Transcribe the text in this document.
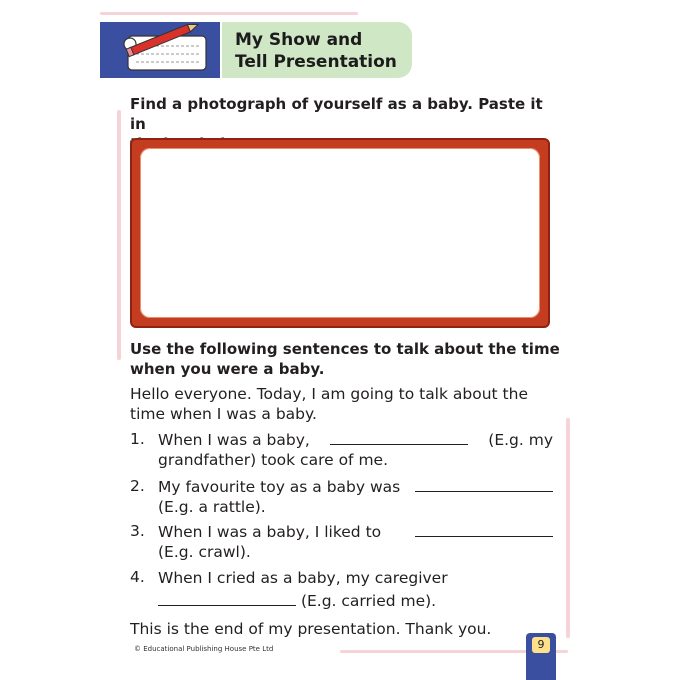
My Show and
Tell Presentation
Find a photograph of yourself as a baby. Paste it in
Use the following sentences to talk about the time
when you were a baby.
Hello everyone. Today, I am going to talk about the
time when I was a baby.
1. When I was a baby,	(E.g. my
grandfather) took care of me.
2. My favourite toy as a baby was
(E.g. a rattle).
3. When I was a baby, I liked to
(E.g. crawl).
4. When I cried as a baby, my caregiver
(E.g. carried me).
This is the end of my presentation. Thank you.
© Educational Publishing House Pte Ltd	9
